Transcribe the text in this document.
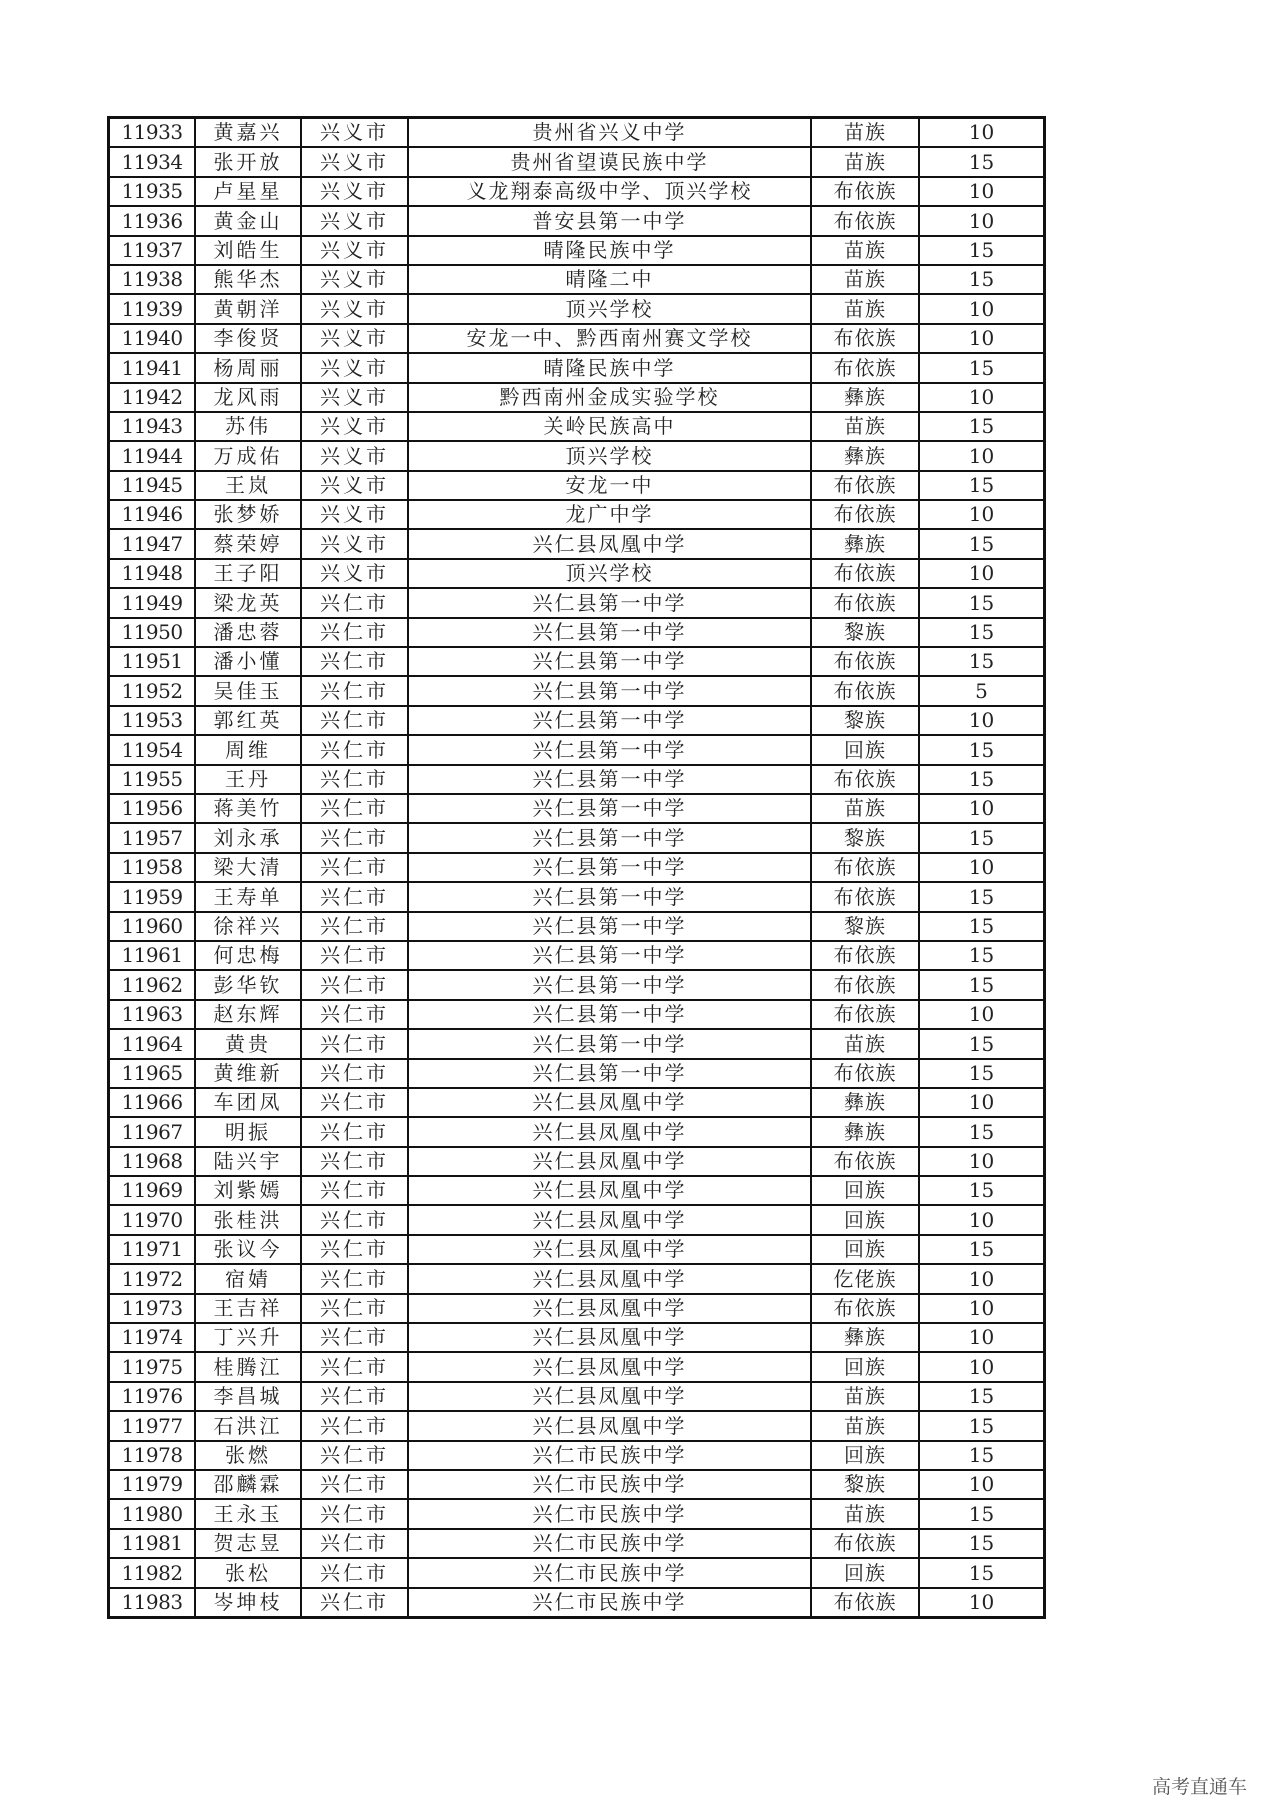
11933	黄嘉兴	兴义市	贵州省兴义中学	苗族	10
11934	张开放	兴义市	贵州省望谟民族中学	苗族	15
11935	卢星星	兴义市	义龙翔泰高级中学、顶兴学校	布依族	10
11936	黄金山	兴义市	普安县第一中学	布依族	10
11937	刘皓生	兴义市	晴隆民族中学	苗族	15
11938	熊华杰	兴义市	晴隆二中	苗族	15
11939	黄朝洋	兴义市	顶兴学校	苗族	10
11940	李俊贤	兴义市	安龙一中、黔西南州赛文学校	布依族	10
11941	杨周丽	兴义市	晴隆民族中学	布依族	15
11942	龙风雨	兴义市	黔西南州金成实验学校	彝族	10
11943	苏伟	兴义市	关岭民族高中	苗族	15
11944	万成佑	兴义市	顶兴学校	彝族	10
11945	王岚	兴义市	安龙一中	布依族	15
11946	张梦娇	兴义市	龙广中学	布依族	10
11947	蔡荣婷	兴义市	兴仁县凤凰中学	彝族	15
11948	王子阳	兴义市	顶兴学校	布依族	10
11949	梁龙英	兴仁市	兴仁县第一中学	布依族	15
11950	潘忠蓉	兴仁市	兴仁县第一中学	黎族	15
11951	潘小懂	兴仁市	兴仁县第一中学	布依族	15
11952	吴佳玉	兴仁市	兴仁县第一中学	布依族	5
11953	郭红英	兴仁市	兴仁县第一中学	黎族	10
11954	周维	兴仁市	兴仁县第一中学	回族	15
11955	王丹	兴仁市	兴仁县第一中学	布依族	15
11956	蒋美竹	兴仁市	兴仁县第一中学	苗族	10
11957	刘永承	兴仁市	兴仁县第一中学	黎族	15
11958	梁大清	兴仁市	兴仁县第一中学	布依族	10
11959	王寿单	兴仁市	兴仁县第一中学	布依族	15
11960	徐祥兴	兴仁市	兴仁县第一中学	黎族	15
11961	何忠梅	兴仁市	兴仁县第一中学	布依族	15
11962	彭华钦	兴仁市	兴仁县第一中学	布依族	15
11963	赵东辉	兴仁市	兴仁县第一中学	布依族	10
11964	黄贵	兴仁市	兴仁县第一中学	苗族	15
11965	黄维新	兴仁市	兴仁县第一中学	布依族	15
11966	车团凤	兴仁市	兴仁县凤凰中学	彝族	10
11967	明振	兴仁市	兴仁县凤凰中学	彝族	15
11968	陆兴宇	兴仁市	兴仁县凤凰中学	布依族	10
11969	刘紫嫣	兴仁市	兴仁县凤凰中学	回族	15
11970	张桂洪	兴仁市	兴仁县凤凰中学	回族	10
11971	张议今	兴仁市	兴仁县凤凰中学	回族	15
11972	宿婧	兴仁市	兴仁县凤凰中学	仡佬族	10
11973	王吉祥	兴仁市	兴仁县凤凰中学	布依族	10
11974	丁兴升	兴仁市	兴仁县凤凰中学	彝族	10
11975	桂腾江	兴仁市	兴仁县凤凰中学	回族	10
11976	李昌城	兴仁市	兴仁县凤凰中学	苗族	15
11977	石洪江	兴仁市	兴仁县凤凰中学	苗族	15
11978	张燃	兴仁市	兴仁市民族中学	回族	15
11979	邵麟霖	兴仁市	兴仁市民族中学	黎族	10
11980	王永玉	兴仁市	兴仁市民族中学	苗族	15
11981	贺志昱	兴仁市	兴仁市民族中学	布依族	15
11982	张松	兴仁市	兴仁市民族中学	回族	15
11983	岑坤枝	兴仁市	兴仁市民族中学	布依族	10
高考直通车
